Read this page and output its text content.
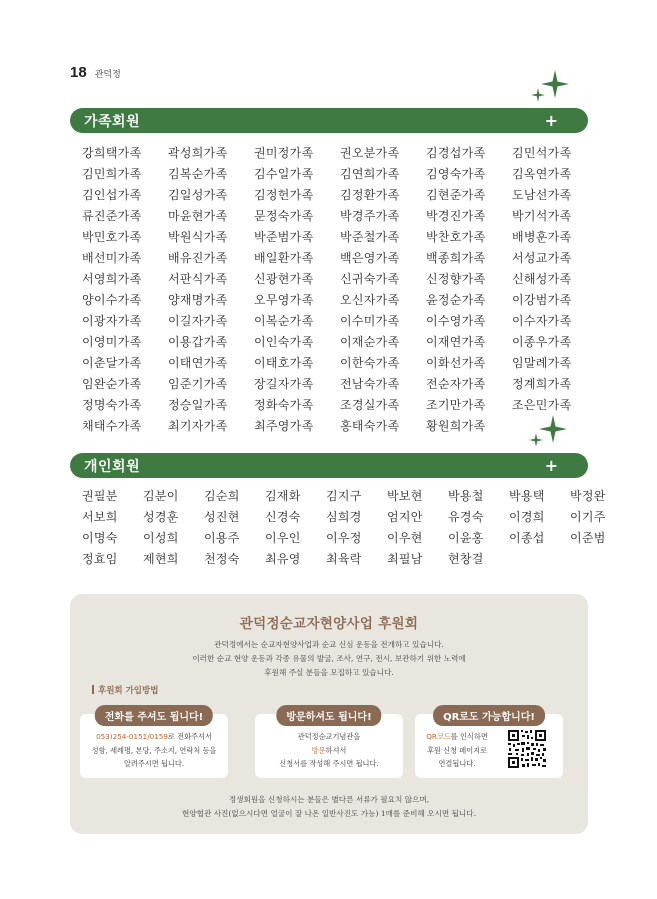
18 관덕정
가족회원	+
강희택가족	곽성희가족	권미정가족	권오분가족	김경섭가족	김민석가족
김민희가족	김복순가족	김수일가족	김연희가족	김영숙가족	김옥연가족
김인섭가족	김일성가족	김정헌가족	김정환가족	김현준가족	도남선가족
류진준가족	마윤현가족	문정숙가족	박경주가족	박경진가족	박기석가족
박민호가족	박원식가족	박준범가족	박준철가족	박찬호가족	배병훈가족
배선미가족	배유진가족	배일환가족	백은영가족	백종희가족	서성교가족
서영희가족	서판식가족	신광현가족	신귀숙가족	신정향가족	신해성가족
양이수가족	양재명가족	오무영가족	오신자가족	윤정순가족	이강범가족
이광자가족	이길자가족	이복순가족	이수미가족	이수영가족	이수자가족
이영미가족	이용갑가족	이인숙가족	이재순가족	이재연가족	이종우가족
이춘달가족	이태연가족	이태호가족	이한숙가족	이화선가족	임말례가족
임완순가족	임준기가족	장길자가족	전남숙가족	전순자가족	정계희가족
정명숙가족	정승일가족	정화숙가족	조경실가족	조기만가족	조은민가족
채태수가족	최기자가족	최주영가족	홍태숙가족	황원희가족
개인회원	+
권필분	김분이	김순희	김재화	김지구	박보현	박용철	박용택	박정완
서보희	성경훈	성진현	신경숙	심희경	엄지안	유경숙	이경희	이기주
이명숙	이성희	이용주	이우인	이우정	이우현	이윤홍	이종섭	이준범
정효임	제현희	천정숙	최유영	최육락	최필남	현창걸
관덕정순교자현양사업 후원회
관덕정에서는 순교자현양사업과 순교 신심 운동을 전개하고 있습니다.
이러한 순교 현양 운동과 각종 유물의 발굴, 조사, 연구, 전시, 보관하기 위한 노력에
후원해 주실 분들을 모집하고 있습니다.
후원회 가입방법
전화를 주셔도 됩니다!
053)254-0151/0159로 전화주셔서
성함, 세례명, 본당, 주소지, 연락처 등을
알려주시면 됩니다.
방문하셔도 됩니다!
관덕정순교기념관을
방문하셔서
신청서를 작성해 주시면 됩니다.
QR로도 가능합니다!
QR코드를 인식하면
후원 신청 페이지로
연결됩니다.
정생회원을 신청하시는 분들은 별다른 서류가 필요치 않으며,
현양협관 사진(없으시다면 얼굴이 잘 나온 일반사진도 가능) 1매를 준비해 오시면 됩니다.
